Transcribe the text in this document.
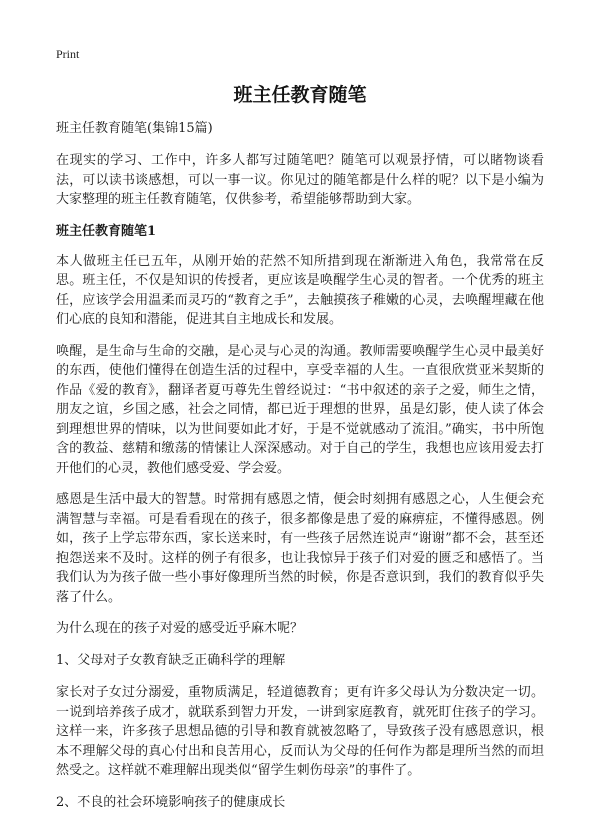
Print
班主任教育随笔
班主任教育随笔(集锦15篇)

在现实的学习、工作中，许多人都写过随笔吧？随笔可以观景抒情，可以睹物谈看法，可以读书谈感想，可以一事一议。你见过的随笔都是什么样的呢？以下是小编为大家整理的班主任教育随笔，仅供参考，希望能够帮助到大家。

班主任教育随笔1

本人做班主任已五年，从刚开始的茫然不知所措到现在渐渐进入角色，我常常在反思。班主任，不仅是知识的传授者，更应该是唤醒学生心灵的智者。一个优秀的班主任，应该学会用温柔而灵巧的“教育之手”，去触摸孩子稚嫩的心灵，去唤醒埋藏在他们心底的良知和潜能，促进其自主地成长和发展。

唤醒，是生命与生命的交融，是心灵与心灵的沟通。教师需要唤醒学生心灵中最美好的东西，使他们懂得在创造生活的过程中，享受幸福的人生。一直很欣赏亚米契斯的作品《爱的教育》，翻译者夏丏尊先生曾经说过：“书中叙述的亲子之爱，师生之情，朋友之谊，乡国之感，社会之同情，都已近于理想的世界，虽是幻影，使人读了体会到理想世界的情味，以为世间要如此才好，于是不觉就感动了流泪。”确实，书中所饱含的教益、慈精和缴荡的情愫让人深深感动。对于自己的学生，我想也应该用爱去打开他们的心灵，教他们感受爱、学会爱。

感恩是生活中最大的智慧。时常拥有感恩之情，便会时刻拥有感恩之心，人生便会充满智慧与幸福。可是看看现在的孩子，很多都像是患了爱的麻痹症，不懂得感恩。例如，孩子上学忘带东西，家长送来时，有一些孩子居然连说声“谢谢”都不会，甚至还抱怨送来不及时。这样的例子有很多，也让我惊异于孩子们对爱的匮乏和感悟了。当我们认为为孩子做一些小事好像理所当然的时候，你是否意识到，我们的教育似乎失落了什么。

为什么现在的孩子对爱的感受近乎麻木呢？
1、父母对子女教育缺乏正确科学的理解

家长对子女过分溺爱，重物质满足，轻道德教育；更有许多父母认为分数决定一切。一说到培养孩子成才，就联系到智力开发，一讲到家庭教育，就死盯住孩子的学习。这样一来，许多孩子思想品德的引导和教育就被忽略了，导致孩子没有感恩意识，根本不理解父母的真心付出和良苦用心，反而认为父母的任何作为都是理所当然的而坦然受之。这样就不难理解出现类似“留学生刺伤母亲”的事件了。

2、不良的社会环境影响孩子的健康成长
